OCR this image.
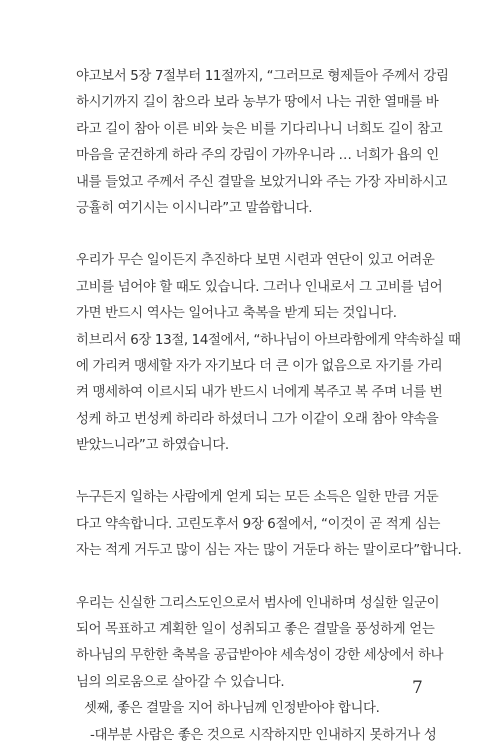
야고보서 5장 7절부터 11절까지, “그러므로 형제들아 주께서 강림
하시기까지 길이 참으라 보라 농부가 땅에서 나는 귀한 열매를 바
라고 길이 참아 이른 비와 늦은 비를 기다리나니 너희도 길이 참고
마음을 굳건하게 하라 주의 강림이 가까우니라 … 너희가 욥의 인
내를 들었고 주께서 주신 결말을 보았거니와 주는 가장 자비하시고
긍휼히 여기시는 이시니라”고 말씀합니다.
우리가 무슨 일이든지 추진하다 보면 시련과 연단이 있고 어려운
고비를 넘어야 할 때도 있습니다. 그러나 인내로서 그 고비를 넘어
가면 반드시 역사는 일어나고 축복을 받게 되는 것입니다.
히브리서 6장 13절, 14절에서, “하나님이 아브라함에게 약속하실 때
에 가리켜 맹세할 자가 자기보다 더 큰 이가 없음으로 자기를 가리
켜 맹세하여 이르시되 내가 반드시 너에게 복주고 복 주며 너를 번
성케 하고 번성케 하리라 하셨더니 그가 이같이 오래 참아 약속을
받았느니라”고 하였습니다.
누구든지 일하는 사람에게 얻게 되는 모든 소득은 일한 만큼 거둔
다고 약속합니다. 고린도후서 9장 6절에서, “이것이 곧 적게 심는
자는 적게 거두고 많이 심는 자는 많이 거둔다 하는 말이로다”합니다.
우리는 신실한 그리스도인으로서 범사에 인내하며 성실한 일군이
되어 목표하고 계획한 일이 성취되고 좋은 결말을 풍성하게 얻는
하나님의 무한한 축복을 공급받아야 세속성이 강한 세상에서 하나
님의 의로움으로 살아갈 수 있습니다.
셋째, 좋은 결말을 지어 하나님께 인정받아야 합니다.
-대부분 사람은 좋은 것으로 시작하지만 인내하지 못하거나 성
7
